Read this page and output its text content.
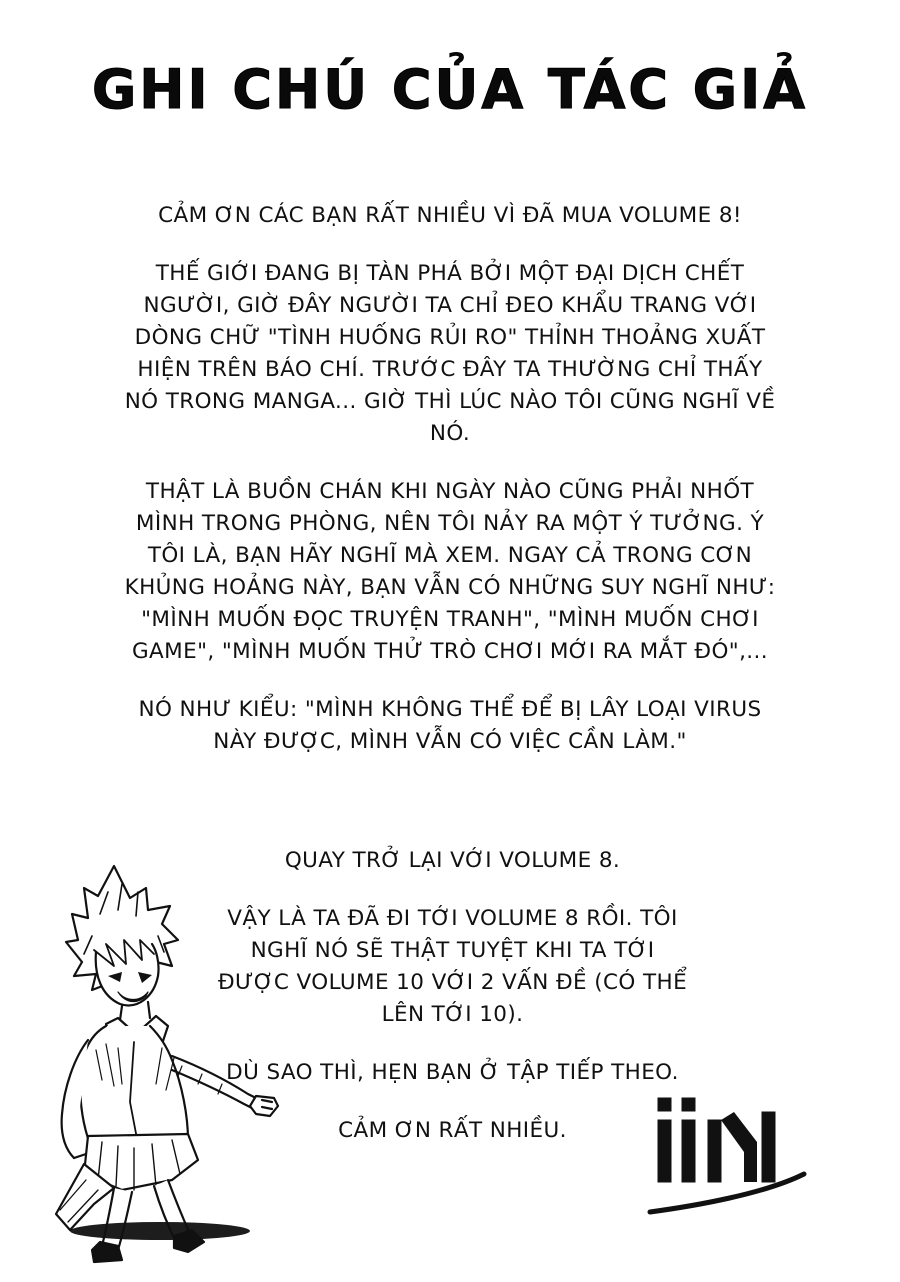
GHI CHÚ CỦA TÁC GIẢ

CẢM ƠN CÁC BẠN RẤT NHIỀU VÌ ĐÃ MUA VOLUME 8!

THẾ GIỚI ĐANG BỊ TÀN PHÁ BỞI MỘT ĐẠI DỊCH CHẾT NGƯỜI, GIỜ ĐÂY NGƯỜI TA CHỈ ĐEO KHẨU TRANG VỚI DÒNG CHỮ "TÌNH HUỐNG RỦI RO" THỈNH THOẢNG XUẤT HIỆN TRÊN BÁO CHÍ. TRƯỚC ĐÂY TA THƯỜNG CHỈ THẤY NÓ TRONG MANGA... GIỜ THÌ LÚC NÀO TÔI CŨNG NGHĨ VỀ NÓ.

THẬT LÀ BUỒN CHÁN KHI NGÀY NÀO CŨNG PHẢI NHỐT MÌNH TRONG PHÒNG, NÊN TÔI NẢY RA MỘT Ý TƯỞNG. Ý TÔI LÀ, BẠN HÃY NGHĨ MÀ XEM. NGAY CẢ TRONG CƠN KHỦNG HOẢNG NÀY, BẠN VẪN CÓ NHỮNG SUY NGHĨ NHƯ: "MÌNH MUỐN ĐỌC TRUYỆN TRANH", "MÌNH MUỐN CHƠI GAME", "MÌNH MUỐN THỬ TRÒ CHƠI MỚI RA MẮT ĐÓ",...

NÓ NHƯ KIỂU: "MÌNH KHÔNG THỂ ĐỂ BỊ LÂY LOẠI VIRUS NÀY ĐƯỢC, MÌNH VẪN CÓ VIỆC CẦN LÀM."

QUAY TRỞ LẠI VỚI VOLUME 8.

VẬY LÀ TA ĐÃ ĐI TỚI VOLUME 8 RỒI. TÔI NGHĨ NÓ SẼ THẬT TUYỆT KHI TA TỚI ĐƯỢC VOLUME 10 VỚI 2 VẤN ĐỀ (CÓ THỂ LÊN TỚI 10).

DÙ SAO THÌ, HẸN BẠN Ở TẬP TIẾP THEO.

CẢM ƠN RẤT NHIỀU.
